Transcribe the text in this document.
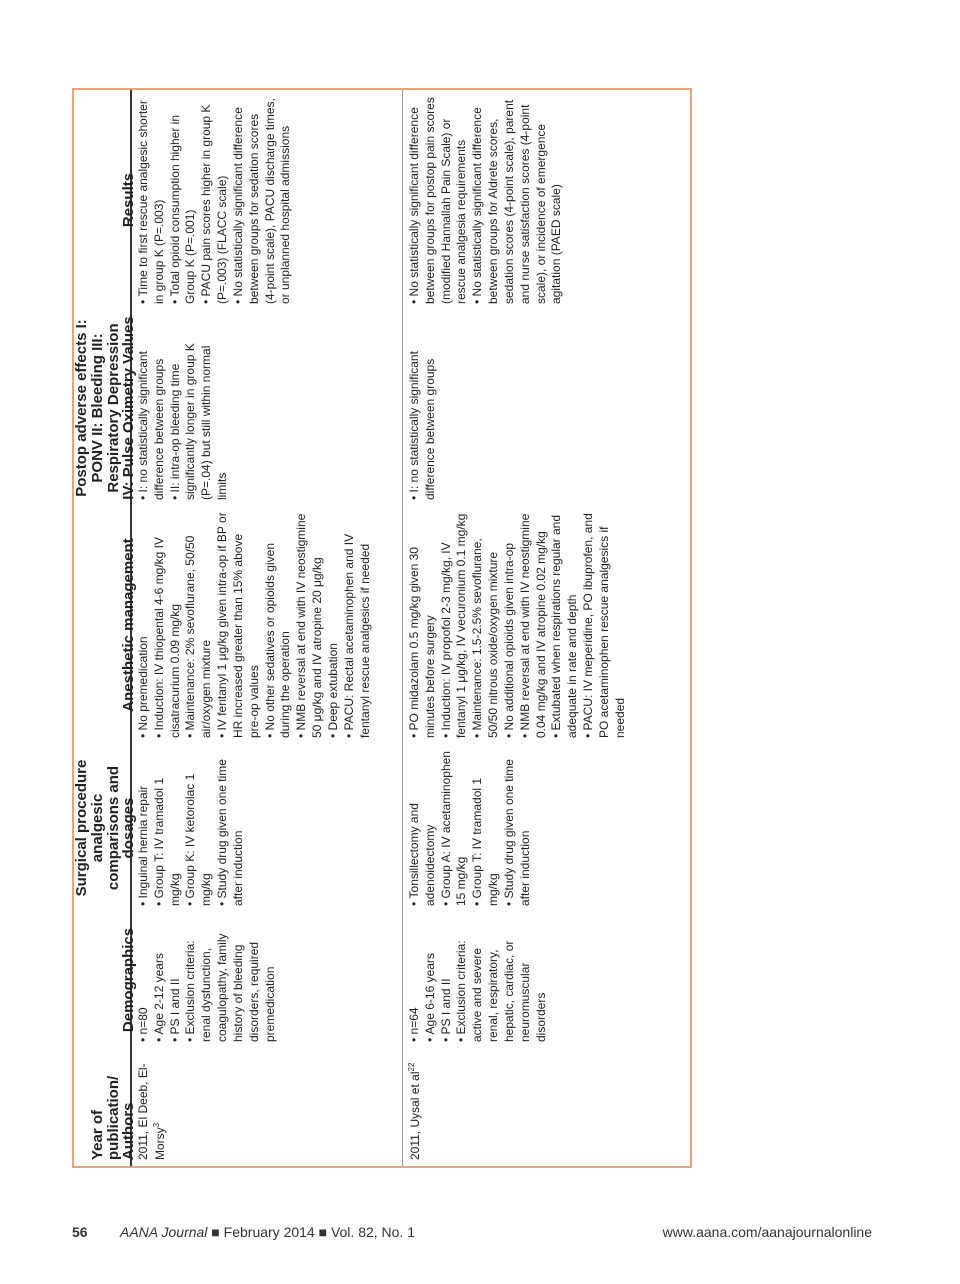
Year of publication/ Authors
Demographics
Surgical procedure analgesic comparisons and dosages
Anesthetic management
Postop adverse effects I: PONV II: Bleeding III: Respiratory Depression IV: Pulse Oximetry Values
Results
2011, El Deeb, El-Morsy$^3$

• n=80 • Age 2-12 years • PS I and II • Exclusion criteria: renal dysfunction, coagulopathy, family history of bleeding disorders, required premedication

• Inguinal hernia repair • Group T: IV tramadol 1 mg/kg • Group K: IV ketorolac 1 mg/kg • Study drug given one time after induction

• No premedication • Induction: IV thiopental 4-6 mg/kg IV cisatracurium 0.09 mg/kg • Maintenance: 2% sevoflurane, 50/50 air/oxygen mixture • IV fentanyl 1 μg/kg given intra-op if BP or HR increased greater than 15% above pre-op values • No other sedatives or opioids given during the operation • NMB reversal at end with IV neostigmine 50 μg/kg and IV atropine 20 μg/kg • Deep extubation • PACU: Rectal acetaminophen and IV fentanyl rescue analgesics if needed

• I: no statistically significant difference between groups • II: intra-op bleeding time significantly longer in group K (P=.04) but still within normal limits

• Time to first rescue analgesic shorter in group K (P=.003) • Total opioid consumption higher in Group K (P=.001) • PACU pain scores higher in group K (P=.003) (FLACC scale) • No statistically significant difference between groups for sedation scores (4-point scale), PACU discharge times, or unplanned hospital admissions

2011, Uysal et $al^{22}$

• n=64 • Age 6-16 years • PS I and II • Exclusion criteria: active and severe renal, respiratory, hepatic, cardiac, or neuromuscular disorders

• Tonsillectomy and adenoidectomy • Group A: IV acetaminophen 15 mg/kg • Group T: IV tramadol 1 mg/kg • Study drug given one time after induction

• PO midazolam 0.5 mg/kg given 30 minutes before surgery • Induction: IV propofol 2-3 mg/kg, IV fentanyl 1 μg/kg, IV vecuronium 0.1 mg/kg • Maintenance: 1.5-2.5% sevoflurane, 50/50 nitrous oxide/oxygen mixture • No additional opioids given intra-op • NMB reversal at end with IV neostigmine 0.04 mg/kg and IV atropine 0.02 mg/kg • Extubated when respirations regular and adequate in rate and depth • PACU: IV meperidine, PO ibuprofen, and PO acetaminophen rescue analgesics if needed

• I: no statistically significant difference between groups

• No statistically significant difference between groups for postop pain scores (modified Hannallah Pain Scale) or rescue analgesia requirements • No statistically significant difference between groups for Aldrete scores, sedation scores (4-point scale), parent and nurse satisfaction scores (4-point scale), or incidence of emergence agitation (PAED scale)

56 AANA Journal ■ February 2014 ■ Vol. 82, No. 1	www.aana.com/aanajournalonline
